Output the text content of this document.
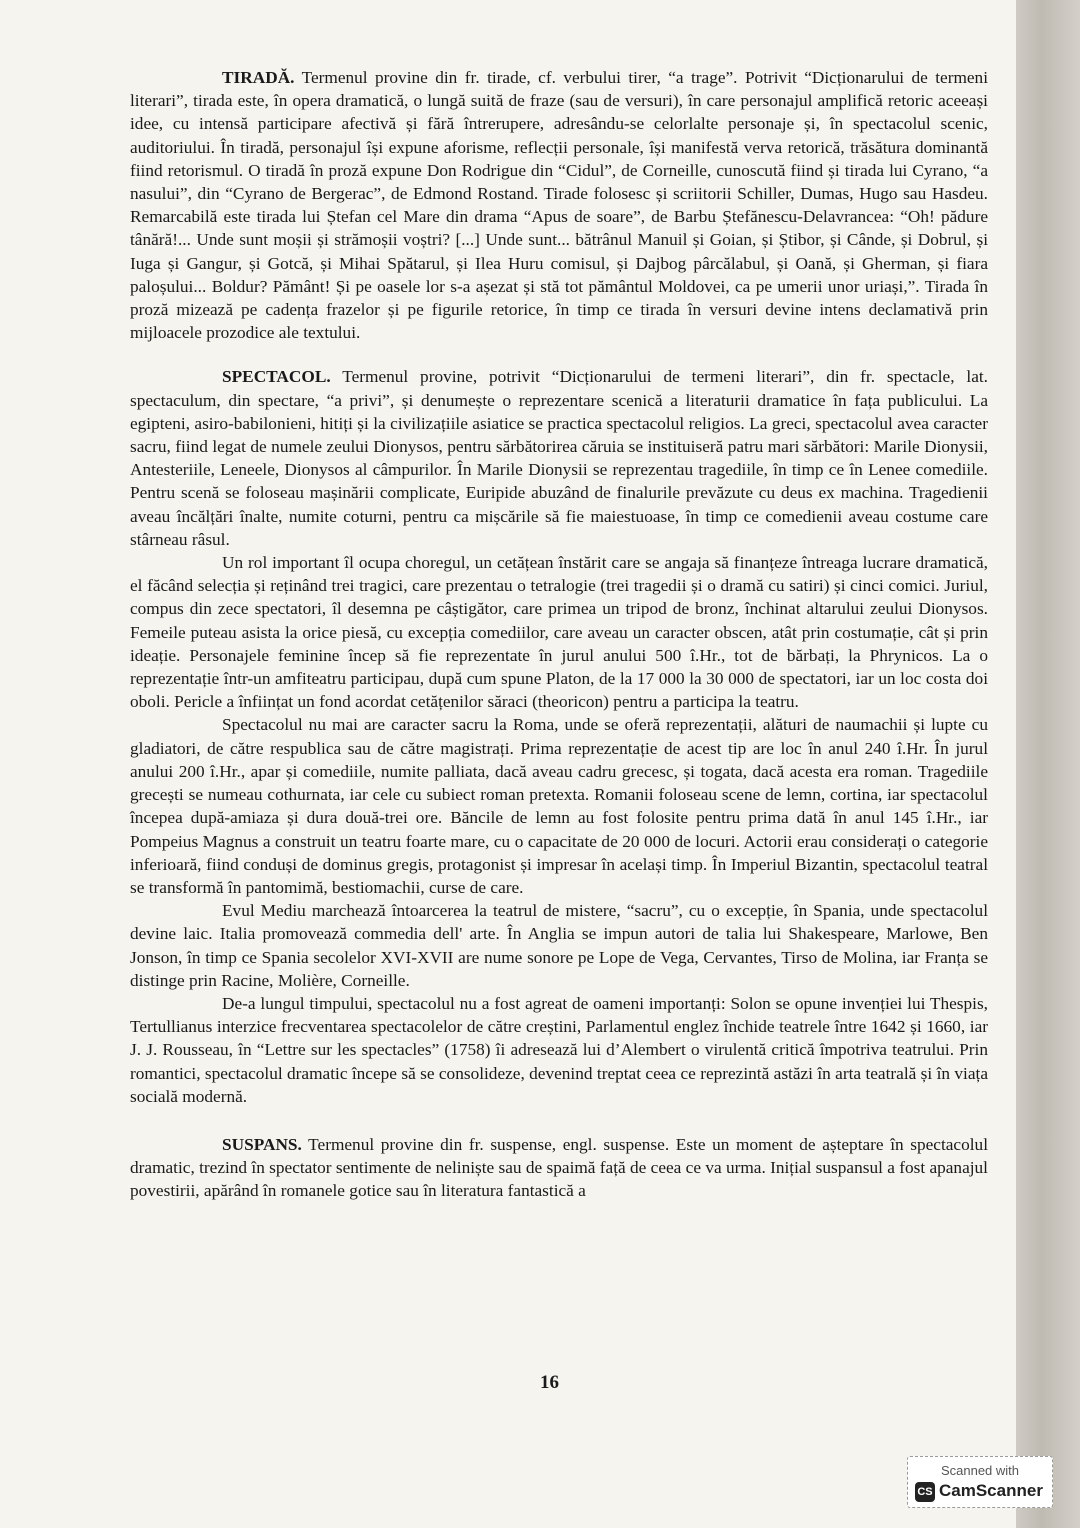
TIRADĂ. Termenul provine din fr. tirade, cf. verbului tirer, “a trage”. Potrivit “Dicționarului de termeni literari”, tirada este, în opera dramatică, o lungă suită de fraze (sau de versuri), în care personajul amplifică retoric aceeași idee, cu intensă participare afectivă și fără întrerupere, adresându-se celorlalte personaje și, în spectacolul scenic, auditoriului. În tiradă, personajul își expune aforisme, reflecții personale, își manifestă verva retorică, trăsătura dominantă fiind retorismul. O tiradă în proză expune Don Rodrigue din “Cidul”, de Corneille, cunoscută fiind și tirada lui Cyrano, “a nasului”, din “Cyrano de Bergerac”, de Edmond Rostand. Tirade folosesc și scriitorii Schiller, Dumas, Hugo sau Hasdeu. Remarcabilă este tirada lui Ștefan cel Mare din drama “Apus de soare”, de Barbu Ștefănescu-Delavrancea: “Oh! pădure tânără!... Unde sunt moșii și strămoșii voștri? [...] Unde sunt... bătrânul Manuil și Goian, și Știbor, și Cânde, și Dobrul, și Iuga și Gangur, și Gotcă, și Mihai Spătarul, și Ilea Huru comisul, și Dajbog pârcălabul, și Oană, și Gherman, și fiara paloșului... Boldur? Pământ! Și pe oasele lor s-a așezat și stă tot pământul Moldovei, ca pe umerii unor uriași,”. Tirada în proză mizează pe cadența frazelor și pe figurile retorice, în timp ce tirada în versuri devine intens declamativă prin mijloacele prozodice ale textului.

SPECTACOL. Termenul provine, potrivit “Dicționarului de termeni literari”, din fr. spectacle, lat. spectaculum, din spectare, “a privi”, și denumește o reprezentare scenică a literaturii dramatice în fața publicului. La egipteni, asiro-babilonieni, hitiți și la civilizațiile asiatice se practica spectacolul religios. La greci, spectacolul avea caracter sacru, fiind legat de numele zeului Dionysos, pentru sărbătorirea căruia se instituiseră patru mari sărbători: Marile Dionysii, Antesteriile, Leneele, Dionysos al câmpurilor. În Marile Dionysii se reprezentau tragediile, în timp ce în Lenee comediile. Pentru scenă se foloseau mașinării complicate, Euripide abuzând de finalurile prevăzute cu deus ex machina. Tragedienii aveau încălțări înalte, numite coturni, pentru ca mișcările să fie maiestuoase, în timp ce comedienii aveau costume care stârneau râsul.

Un rol important îl ocupa choregul, un cetățean înstărit care se angaja să finanțeze întreaga lucrare dramatică, el făcând selecția și reținând trei tragici, care prezentau o tetralogie (trei tragedii și o dramă cu satiri) și cinci comici. Juriul, compus din zece spectatori, îl desemna pe câștigător, care primea un tripod de bronz, închinat altarului zeului Dionysos. Femeile puteau asista la orice piesă, cu excepția comediilor, care aveau un caracter obscen, atât prin costumație, cât și prin ideație. Personajele feminine încep să fie reprezentate în jurul anului 500 î.Hr., tot de bărbați, la Phrynicos. La o reprezentație într-un amfiteatru participau, după cum spune Platon, de la 17 000 la 30 000 de spectatori, iar un loc costa doi oboli. Pericle a înființat un fond acordat cetățenilor săraci (theoricon) pentru a participa la teatru.

Spectacolul nu mai are caracter sacru la Roma, unde se oferă reprezentații, alături de naumachii și lupte cu gladiatori, de către respublica sau de către magistrați. Prima reprezentație de acest tip are loc în anul 240 î.Hr. În jurul anului 200 î.Hr., apar și comediile, numite palliata, dacă aveau cadru grecesc, și togata, dacă acesta era roman. Tragediile grecești se numeau cothurnata, iar cele cu subiect roman pretexta. Romanii foloseau scene de lemn, cortina, iar spectacolul începea după-amiaza și dura două-trei ore. Băncile de lemn au fost folosite pentru prima dată în anul 145 î.Hr., iar Pompeius Magnus a construit un teatru foarte mare, cu o capacitate de 20 000 de locuri. Actorii erau considerați o categorie inferioară, fiind conduși de dominus gregis, protagonist și impresar în același timp. În Imperiul Bizantin, spectacolul teatral se transformă în pantomimă, bestiomachii, curse de care.

Evul Mediu marchează întoarcerea la teatrul de mistere, “sacru”, cu o excepție, în Spania, unde spectacolul devine laic. Italia promovează commedia dell' arte. În Anglia se impun autori de talia lui Shakespeare, Marlowe, Ben Jonson, în timp ce Spania secolelor XVI-XVII are nume sonore pe Lope de Vega, Cervantes, Tirso de Molina, iar Franța se distinge prin Racine, Molière, Corneille.

De-a lungul timpului, spectacolul nu a fost agreat de oameni importanți: Solon se opune invenției lui Thespis, Tertullianus interzice frecventarea spectacolelor de către creștini, Parlamentul englez închide teatrele între 1642 și 1660, iar J. J. Rousseau, în “Lettre sur les spectacles” (1758) îi adresează lui d’Alembert o virulentă critică împotriva teatrului. Prin romantici, spectacolul dramatic începe să se consolideze, devenind treptat ceea ce reprezintă astăzi în arta teatrală și în viața socială modernă.

SUSPANS. Termenul provine din fr. suspense, engl. suspense. Este un moment de așteptare în spectacolul dramatic, trezind în spectator sentimente de neliniște sau de spaimă față de ceea ce va urma. Inițial suspansul a fost apanajul povestirii, apărând în romanele gotice sau în literatura fantastică a

16
Scanned with
CS CamScanner
